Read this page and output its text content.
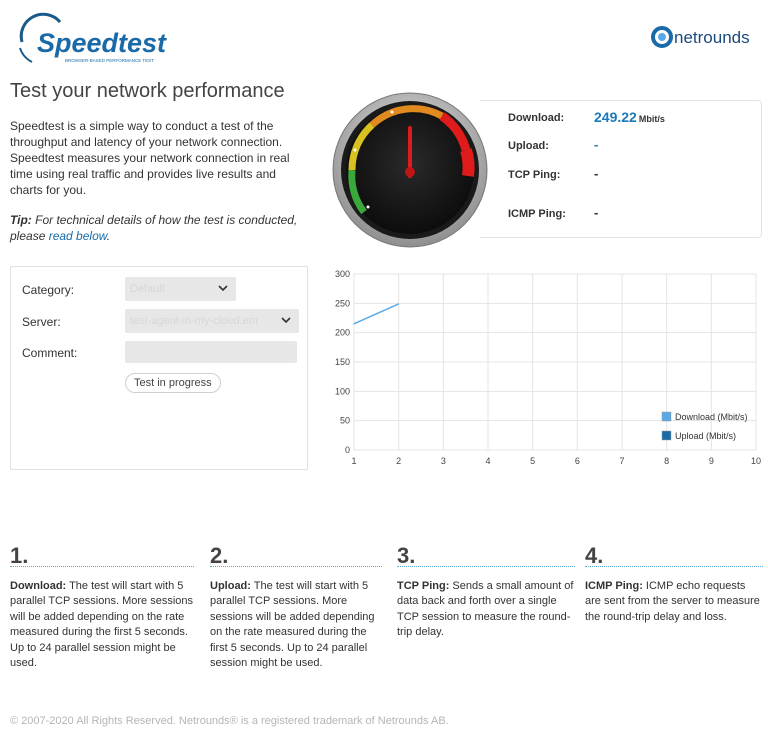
Speedtest
BROWSER-BASED PERFORMANCE TEST
netrounds
Test your network performance

Speedtest is a simple way to conduct a test of the throughput and latency of your network connection. Speedtest measures your network connection in real time using real traffic and provides live results and charts for you.

Tip: For technical details of how the test is conducted, please read below.

Download: 249.22 Mbit/s
Upload:	-
TCP Ping:	-
ICMP Ping: -
Category:	Default
Server:	test-agent-in-my-cloud.em
Comment:
Test in progress
0
50
100
150
200
250
300
1	2	3	4	5	6	7	8	9	10
Download (Mbit/s)
Upload (Mbit/s)
1.
Download: The test will start with 5 parallel TCP sessions. More sessions will be added depending on the rate measured during the first 5 seconds. Up to 24 parallel session might be used.
2.
Upload: The test will start with 5 parallel TCP sessions. More sessions will be added depending on the rate measured during the first 5 seconds. Up to 24 parallel session might be used.
3.
TCP Ping: Sends a small amount of data back and forth over a single TCP session to measure the round-trip delay.
4.
ICMP Ping: ICMP echo requests are sent from the server to measure the round-trip delay and loss.
© 2007-2020 All Rights Reserved. Netrounds® is a registered trademark of Netrounds AB.
